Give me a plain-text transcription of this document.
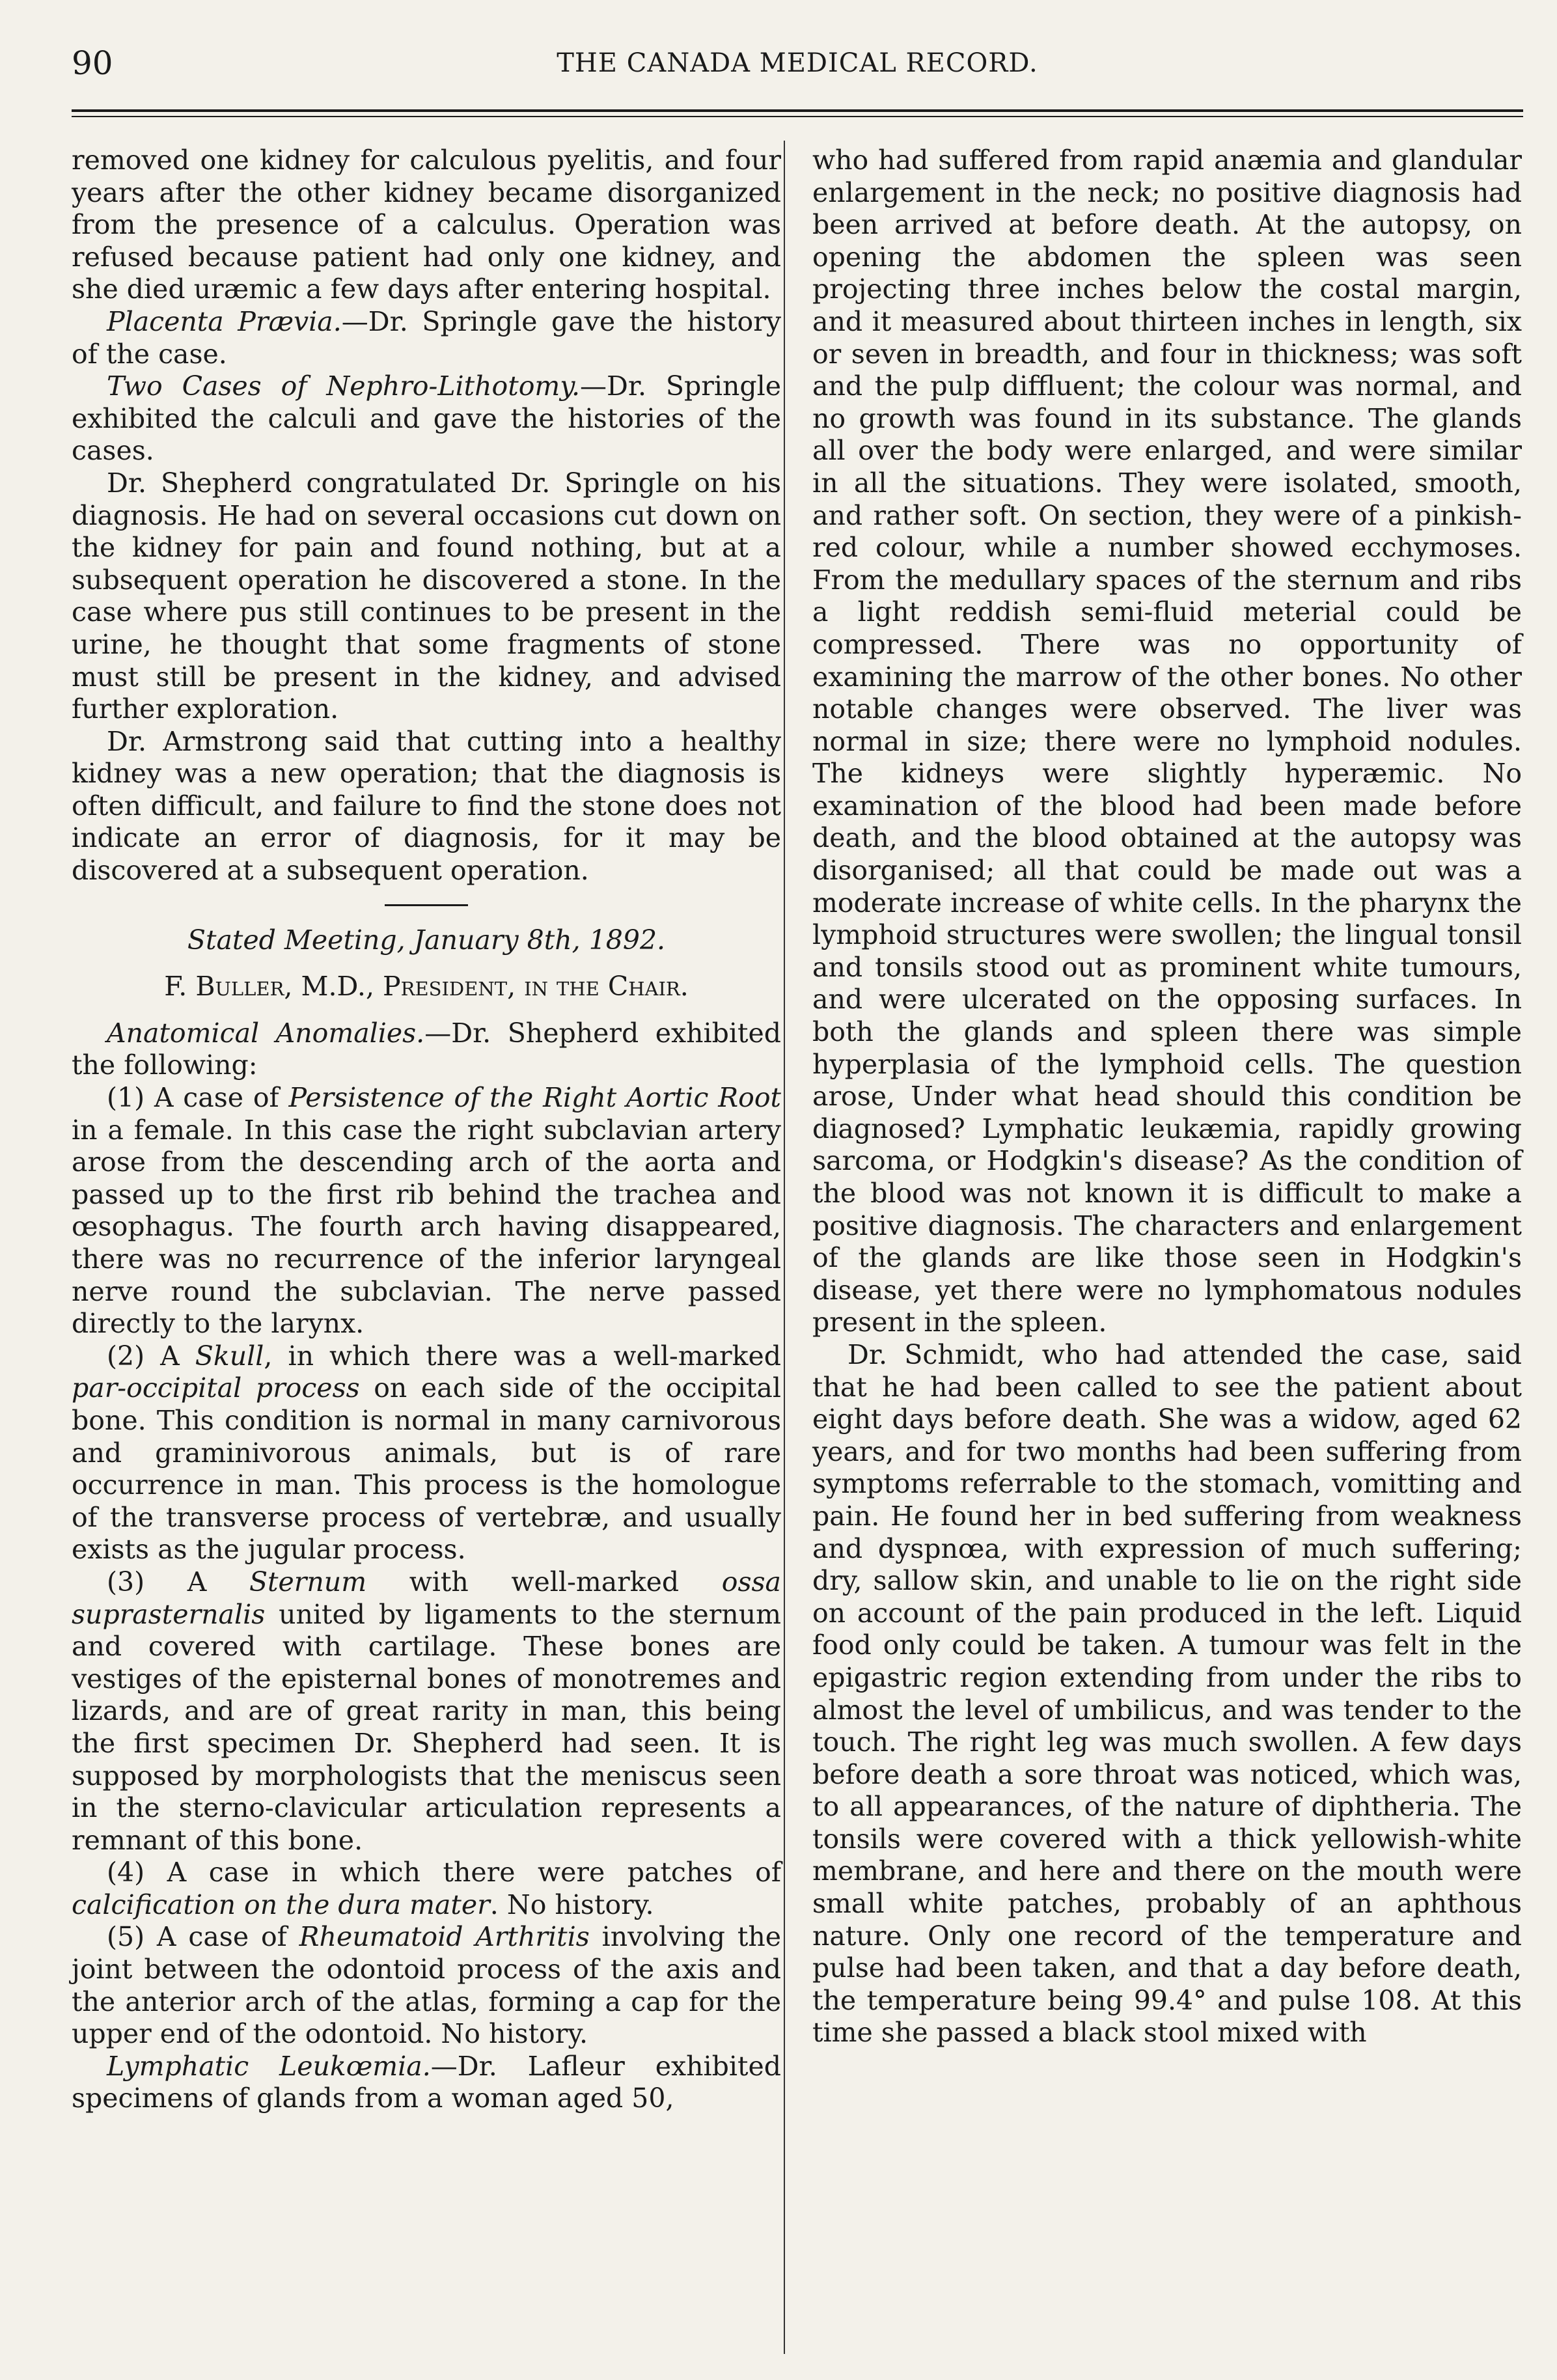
90	THE CANADA MEDICAL RECORD.

removed one kidney for calculous pyelitis, and four years after the other kidney became disorganized from the presence of a calculus. Operation was refused because patient had only one kidney, and she died uræmic a few days after entering hospital.

Placenta Prævia.—Dr. Springle gave the history of the case.

Two Cases of Nephro-Lithotomy.—Dr. Springle exhibited the calculi and gave the histories of the cases.

Dr. Shepherd congratulated Dr. Springle on his diagnosis. He had on several occasions cut down on the kidney for pain and found nothing, but at a subsequent operation he discovered a stone. In the case where pus still continues to be present in the urine, he thought that some fragments of stone must still be present in the kidney, and advised further exploration.

Dr. Armstrong said that cutting into a healthy kidney was a new operation; that the diagnosis is often difficult, and failure to find the stone does not indicate an error of diagnosis, for it may be discovered at a subsequent operation.

Stated Meeting, January 8th, 1892.

F. Buller, M.D., President, in the Chair.

Anatomical Anomalies.—Dr. Shepherd exhibited the following:

(1) A case of Persistence of the Right Aortic Root in a female. In this case the right subclavian artery arose from the descending arch of the aorta and passed up to the first rib behind the trachea and œsophagus. The fourth arch having disappeared, there was no recurrence of the inferior laryngeal nerve round the subclavian. The nerve passed directly to the larynx.

(2) A Skull, in which there was a well-marked par-occipital process on each side of the occipital bone. This condition is normal in many carnivorous and graminivorous animals, but is of rare occurrence in man. This process is the homologue of the transverse process of vertebræ, and usually exists as the jugular process.

(3) A Sternum with well-marked ossa suprasternalis united by ligaments to the sternum and covered with cartilage. These bones are vestiges of the episternal bones of monotremes and lizards, and are of great rarity in man, this being the first specimen Dr. Shepherd had seen. It is supposed by morphologists that the meniscus seen in the sterno-clavicular articulation represents a remnant of this bone.

(4) A case in which there were patches of calcification on the dura mater. No history.

(5) A case of Rheumatoid Arthritis involving the joint between the odontoid process of the axis and the anterior arch of the atlas, forming a cap for the upper end of the odontoid. No history.

Lymphatic Leukœmia.—Dr. Lafleur exhibited specimens of glands from a woman aged 50,

who had suffered from rapid anæmia and glandular enlargement in the neck; no positive diagnosis had been arrived at before death. At the autopsy, on opening the abdomen the spleen was seen projecting three inches below the costal margin, and it measured about thirteen inches in length, six or seven in breadth, and four in thickness; was soft and the pulp diffluent; the colour was normal, and no growth was found in its substance. The glands all over the body were enlarged, and were similar in all the situations. They were isolated, smooth, and rather soft. On section, they were of a pinkish-red colour, while a number showed ecchymoses. From the medullary spaces of the sternum and ribs a light reddish semi-fluid meterial could be compressed. There was no opportunity of examining the marrow of the other bones. No other notable changes were observed. The liver was normal in size; there were no lymphoid nodules. The kidneys were slightly hyperæmic. No examination of the blood had been made before death, and the blood obtained at the autopsy was disorganised; all that could be made out was a moderate increase of white cells. In the pharynx the lymphoid structures were swollen; the lingual tonsil and tonsils stood out as prominent white tumours, and were ulcerated on the opposing surfaces. In both the glands and spleen there was simple hyperplasia of the lymphoid cells. The question arose, Under what head should this condition be diagnosed? Lymphatic leukæmia, rapidly growing sarcoma, or Hodgkin's disease? As the condition of the blood was not known it is difficult to make a positive diagnosis. The characters and enlargement of the glands are like those seen in Hodgkin's disease, yet there were no lymphomatous nodules present in the spleen.

Dr. Schmidt, who had attended the case, said that he had been called to see the patient about eight days before death. She was a widow, aged 62 years, and for two months had been suffering from symptoms referrable to the stomach, vomitting and pain. He found her in bed suffering from weakness and dyspnœa, with expression of much suffering; dry, sallow skin, and unable to lie on the right side on account of the pain produced in the left. Liquid food only could be taken. A tumour was felt in the epigastric region extending from under the ribs to almost the level of umbilicus, and was tender to the touch. The right leg was much swollen. A few days before death a sore throat was noticed, which was, to all appearances, of the nature of diphtheria. The tonsils were covered with a thick yellowish-white membrane, and here and there on the mouth were small white patches, probably of an aphthous nature. Only one record of the temperature and pulse had been taken, and that a day before death, the temperature being 99.4° and pulse 108. At this time she passed a black stool mixed with
